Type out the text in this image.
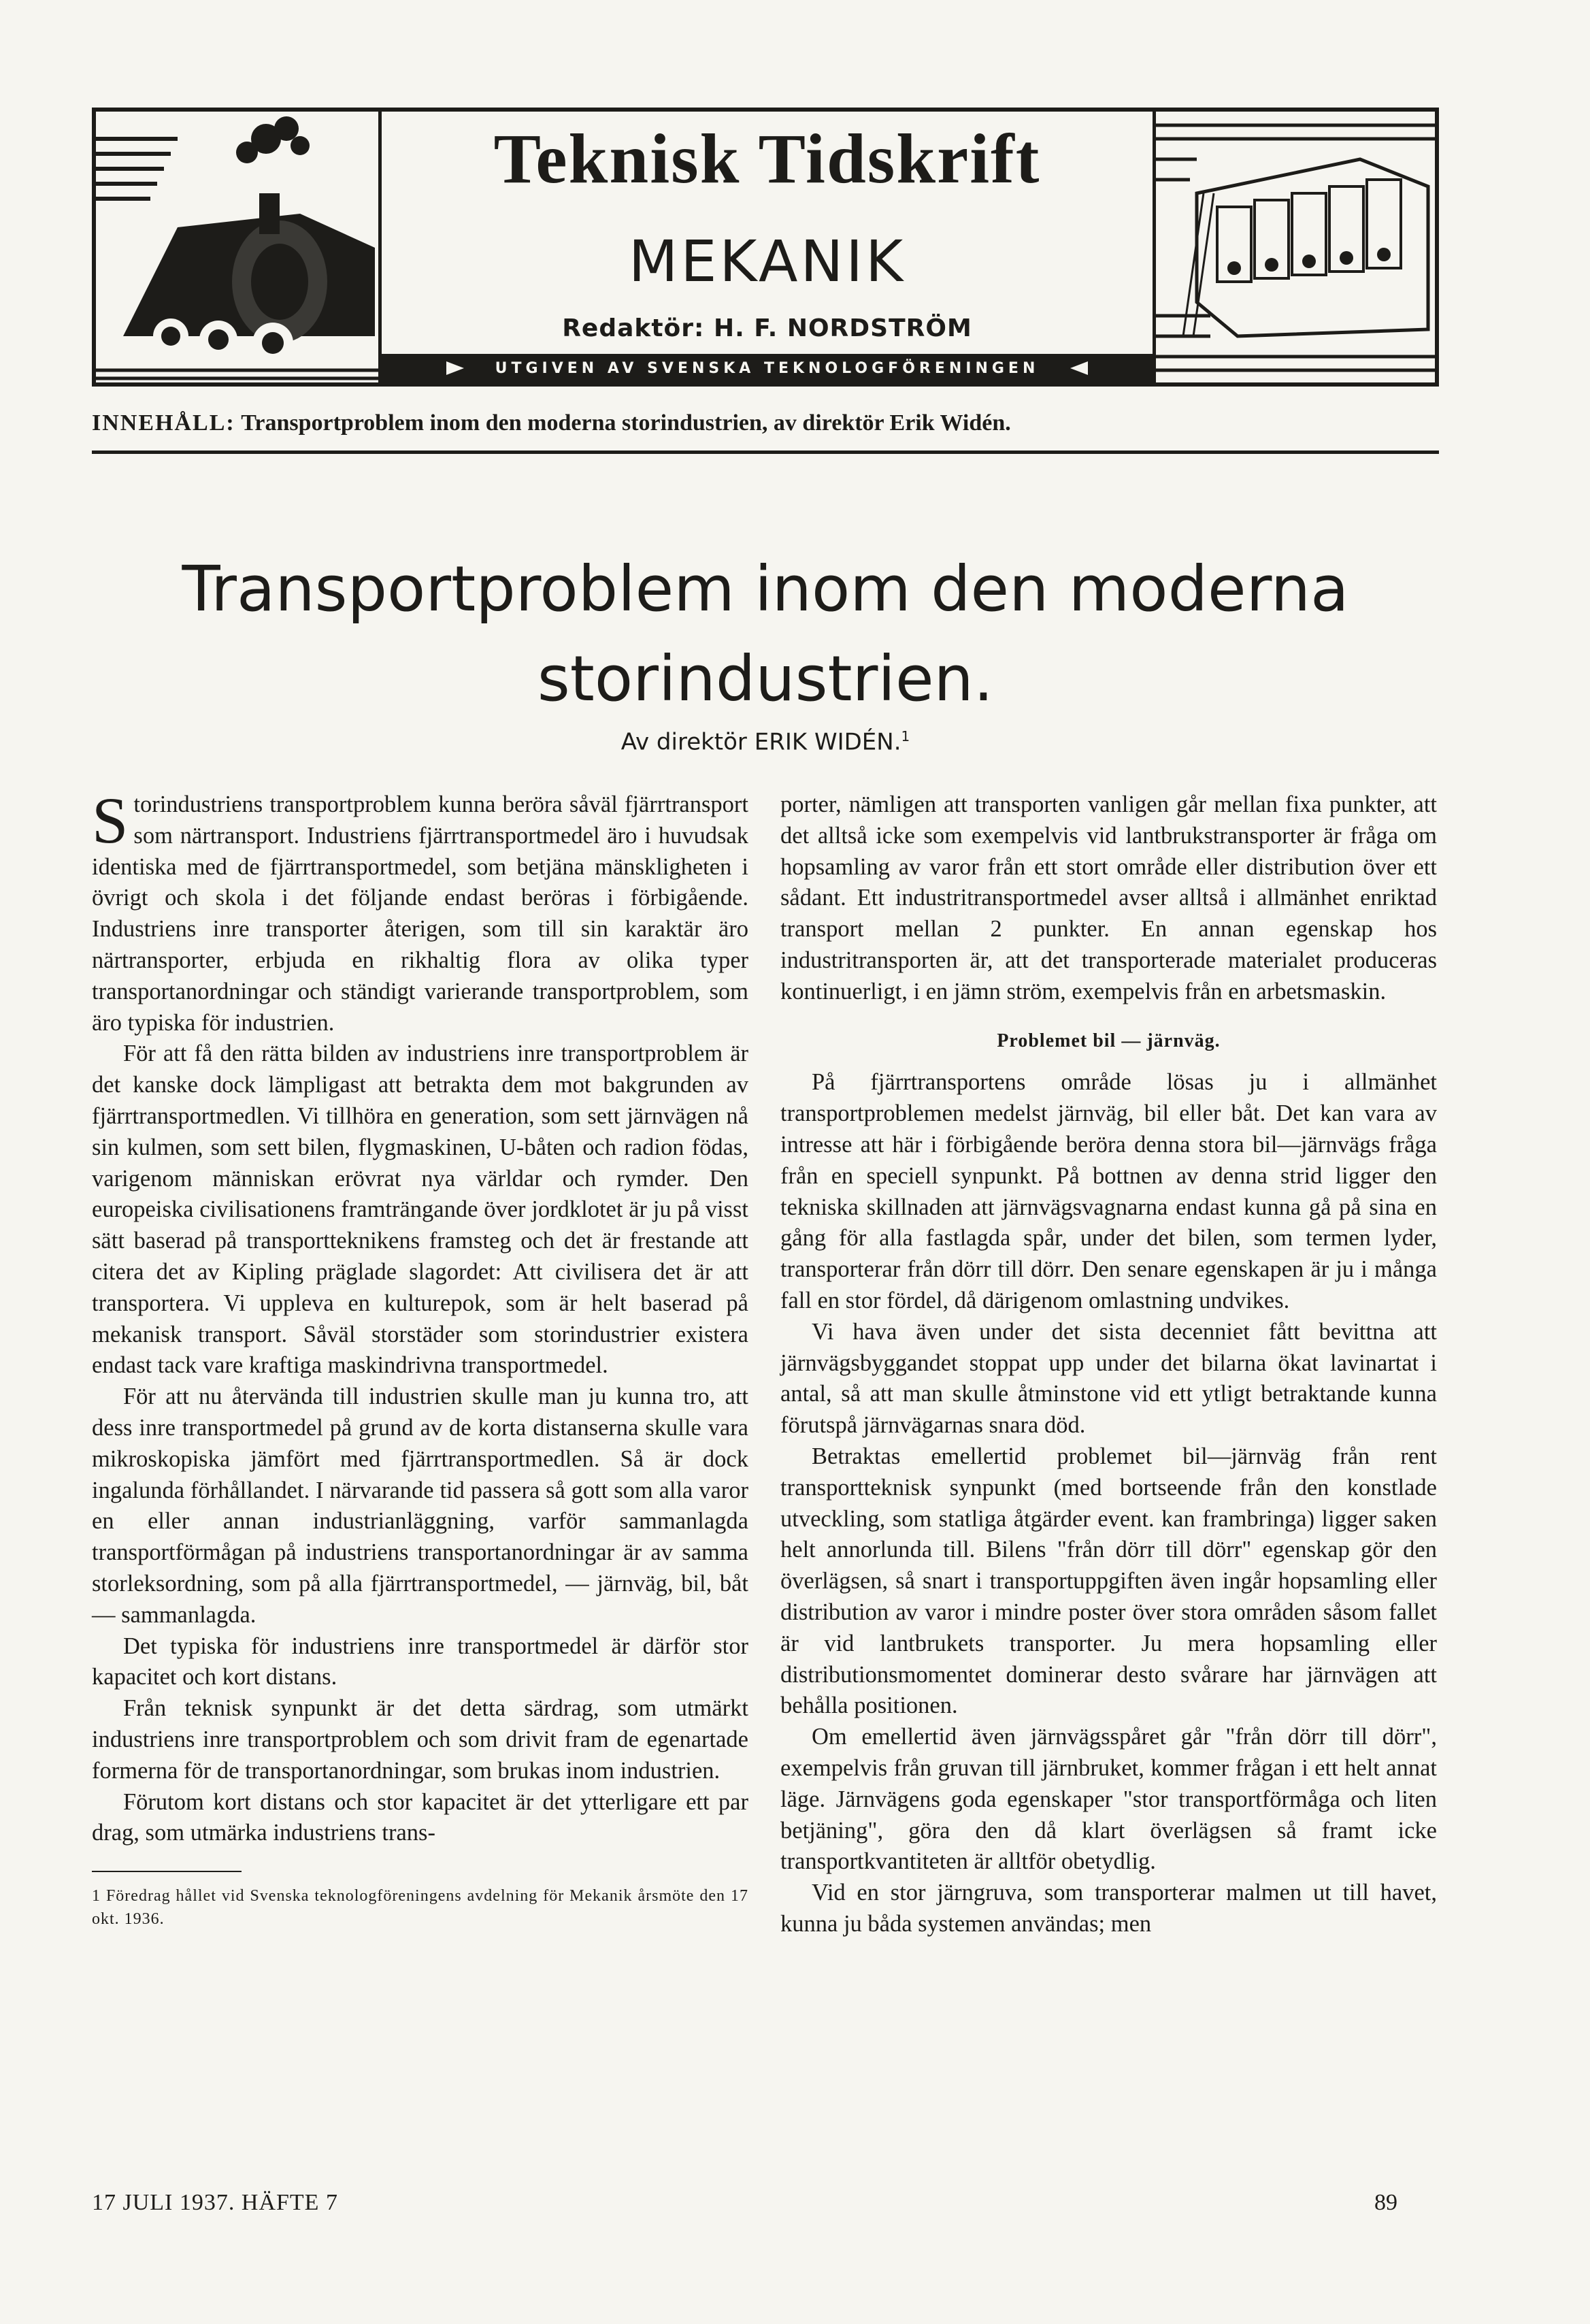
Teknisk Tidskrift
MEKANIK
Redaktör: H. F. NORDSTRÖM
UTGIVEN AV SVENSKA TEKNOLOGFÖRENINGEN
INNEHÅLL: Transportproblem inom den moderna storindustrien, av direktör Erik Widén.
Transportproblem inom den moderna
storindustrien.
Av direktör ERIK WIDÉN.$^1$

Storindustriens transportproblem kunna beröra såväl fjärrtransport som närtransport. Industriens fjärrtransportmedel äro i huvudsak identiska med de fjärrtransportmedel, som betjäna mänskligheten i övrigt och skola i det följande endast beröras i förbigående. Industriens inre transporter återigen, som till sin karaktär äro närtransporter, erbjuda en rikhaltig flora av olika typer transportanordningar och ständigt varierande transportproblem, som äro typiska för industrien.

För att få den rätta bilden av industriens inre transportproblem är det kanske dock lämpligast att betrakta dem mot bakgrunden av fjärrtransportmedlen. Vi tillhöra en generation, som sett järnvägen nå sin kulmen, som sett bilen, flygmaskinen, U-båten och radion födas, varigenom människan erövrat nya världar och rymder. Den europeiska civilisationens framträngande över jordklotet är ju på visst sätt baserad på transportteknikens framsteg och det är frestande att citera det av Kipling präglade slagordet: Att civilisera det är att transportera. Vi uppleva en kulturepok, som är helt baserad på mekanisk transport. Såväl storstäder som storindustrier existera endast tack vare kraftiga maskindrivna transportmedel.

För att nu återvända till industrien skulle man ju kunna tro, att dess inre transportmedel på grund av de korta distanserna skulle vara mikroskopiska jämfört med fjärrtransportmedlen. Så är dock ingalunda förhållandet. I närvarande tid passera så gott som alla varor en eller annan industrianläggning, varför sammanlagda transportförmågan på industriens transportanordningar är av samma storleksordning, som på alla fjärrtransportmedel, — järnväg, bil, båt — sammanlagda.

Det typiska för industriens inre transportmedel är därför stor kapacitet och kort distans.

Från teknisk synpunkt är det detta särdrag, som utmärkt industriens inre transportproblem och som drivit fram de egenartade formerna för de transportanordningar, som brukas inom industrien.

Förutom kort distans och stor kapacitet är det ytterligare ett par drag, som utmärka industriens trans-

1 Föredrag hållet vid Svenska teknologföreningens avdelning för Mekanik årsmöte den 17 okt. 1936.

porter, nämligen att transporten vanligen går mellan fixa punkter, att det alltså icke som exempelvis vid lantbrukstransporter är fråga om hopsamling av varor från ett stort område eller distribution över ett sådant. Ett industritransportmedel avser alltså i allmänhet enriktad transport mellan 2 punkter. En annan egenskap hos industritransporten är, att det transporterade materialet produceras kontinuerligt, i en jämn ström, exempelvis från en arbetsmaskin.

Problemet bil — järnväg.

På fjärrtransportens område lösas ju i allmänhet transportproblemen medelst järnväg, bil eller båt. Det kan vara av intresse att här i förbigående beröra denna stora bil—järnvägs fråga från en speciell synpunkt. På bottnen av denna strid ligger den tekniska skillnaden att järnvägsvagnarna endast kunna gå på sina en gång för alla fastlagda spår, under det bilen, som termen lyder, transporterar från dörr till dörr. Den senare egenskapen är ju i många fall en stor fördel, då därigenom omlastning undvikes.

Vi hava även under det sista decenniet fått bevittna att järnvägsbyggandet stoppat upp under det bilarna ökat lavinartat i antal, så att man skulle åtminstone vid ett ytligt betraktande kunna förutspå järnvägarnas snara död.

Betraktas emellertid problemet bil—järnväg från rent transportteknisk synpunkt (med bortseende från den konstlade utveckling, som statliga åtgärder event. kan frambringa) ligger saken helt annorlunda till. Bilens "från dörr till dörr" egenskap gör den överlägsen, så snart i transportuppgiften även ingår hopsamling eller distribution av varor i mindre poster över stora områden såsom fallet är vid lantbrukets transporter. Ju mera hopsamling eller distributionsmomentet dominerar desto svårare har järnvägen att behålla positionen.

Om emellertid även järnvägsspåret går "från dörr till dörr", exempelvis från gruvan till järnbruket, kommer frågan i ett helt annat läge. Järnvägens goda egenskaper "stor transportförmåga och liten betjäning", göra den då klart överlägsen så framt icke transportkvantiteten är alltför obetydlig.

Vid en stor järngruva, som transporterar malmen ut till havet, kunna ju båda systemen användas; men

17 JULI 1937. HÄFTE 7	89
